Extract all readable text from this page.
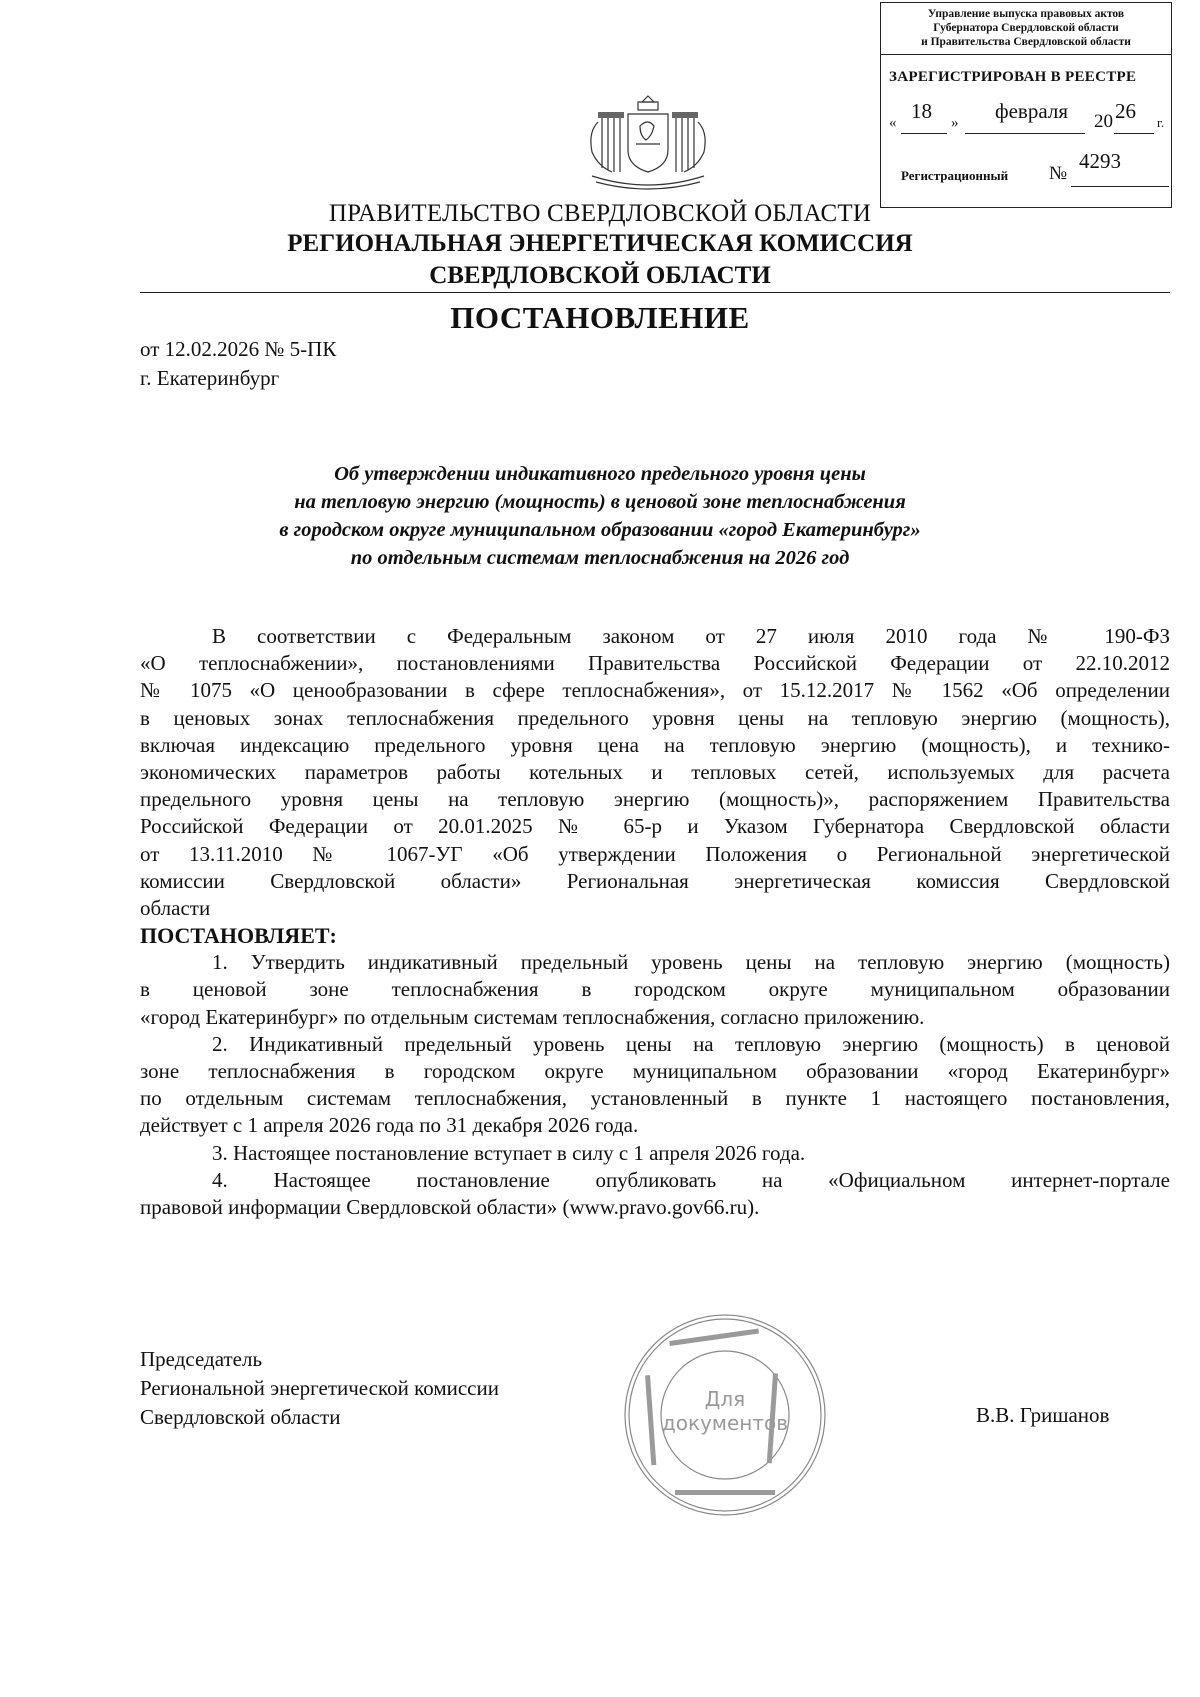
Управление выпуска правовых актов
Губернатора Свердловской области
и Правительства Свердловской области
ЗАРЕГИСТРИРОВАН В РЕЕСТРЕ
« 18 » февраля 20 26 г.
Регистрационный №
4293
ПРАВИТЕЛЬСТВО СВЕРДЛОВСКОЙ ОБЛАСТИ
РЕГИОНАЛЬНАЯ ЭНЕРГЕТИЧЕСКАЯ КОМИССИЯ
СВЕРДЛОВСКОЙ ОБЛАСТИ
ПОСТАНОВЛЕНИЕ
от 12.02.2026 № 5-ПК
г. Екатеринбург
Об утверждении индикативного предельного уровня цены
на тепловую энергию (мощность) в ценовой зоне теплоснабжения
в городском округе муниципальном образовании «город Екатеринбург»
по отдельным системам теплоснабжения на 2026 год
В соответствии с Федеральным законом от 27 июля 2010 года № 190-ФЗ
«О теплоснабжении», постановлениями Правительства Российской Федерации от 22.10.2012
№ 1075 «О ценообразовании в сфере теплоснабжения», от 15.12.2017 № 1562 «Об определении
в ценовых зонах теплоснабжения предельного уровня цены на тепловую энергию (мощность),
включая индексацию предельного уровня цена на тепловую энергию (мощность), и технико-
экономических параметров работы котельных и тепловых сетей, используемых для расчета
предельного уровня цены на тепловую энергию (мощность)», распоряжением Правительства
Российской Федерации от 20.01.2025 № 65-р и Указом Губернатора Свердловской области
от 13.11.2010 № 1067-УГ «Об утверждении Положения о Региональной энергетической
комиссии Свердловской области» Региональная энергетическая комиссия Свердловской
области
ПОСТАНОВЛЯЕТ:
1. Утвердить индикативный предельный уровень цены на тепловую энергию (мощность)
в ценовой зоне теплоснабжения в городском округе муниципальном образовании
«город Екатеринбург» по отдельным системам теплоснабжения, согласно приложению.
2. Индикативный предельный уровень цены на тепловую энергию (мощность) в ценовой
зоне теплоснабжения в городском округе муниципальном образовании «город Екатеринбург»
по отдельным системам теплоснабжения, установленный в пункте 1 настоящего постановления,
действует с 1 апреля 2026 года по 31 декабря 2026 года.
3. Настоящее постановление вступает в силу с 1 апреля 2026 года.
4. Настоящее постановление опубликовать на «Официальном интернет-портале
правовой информации Свердловской области» (www.pravo.gov66.ru).
Председатель
Региональной энергетической комиссии
Свердловской области	В.В. Гришанов
Для
документов
